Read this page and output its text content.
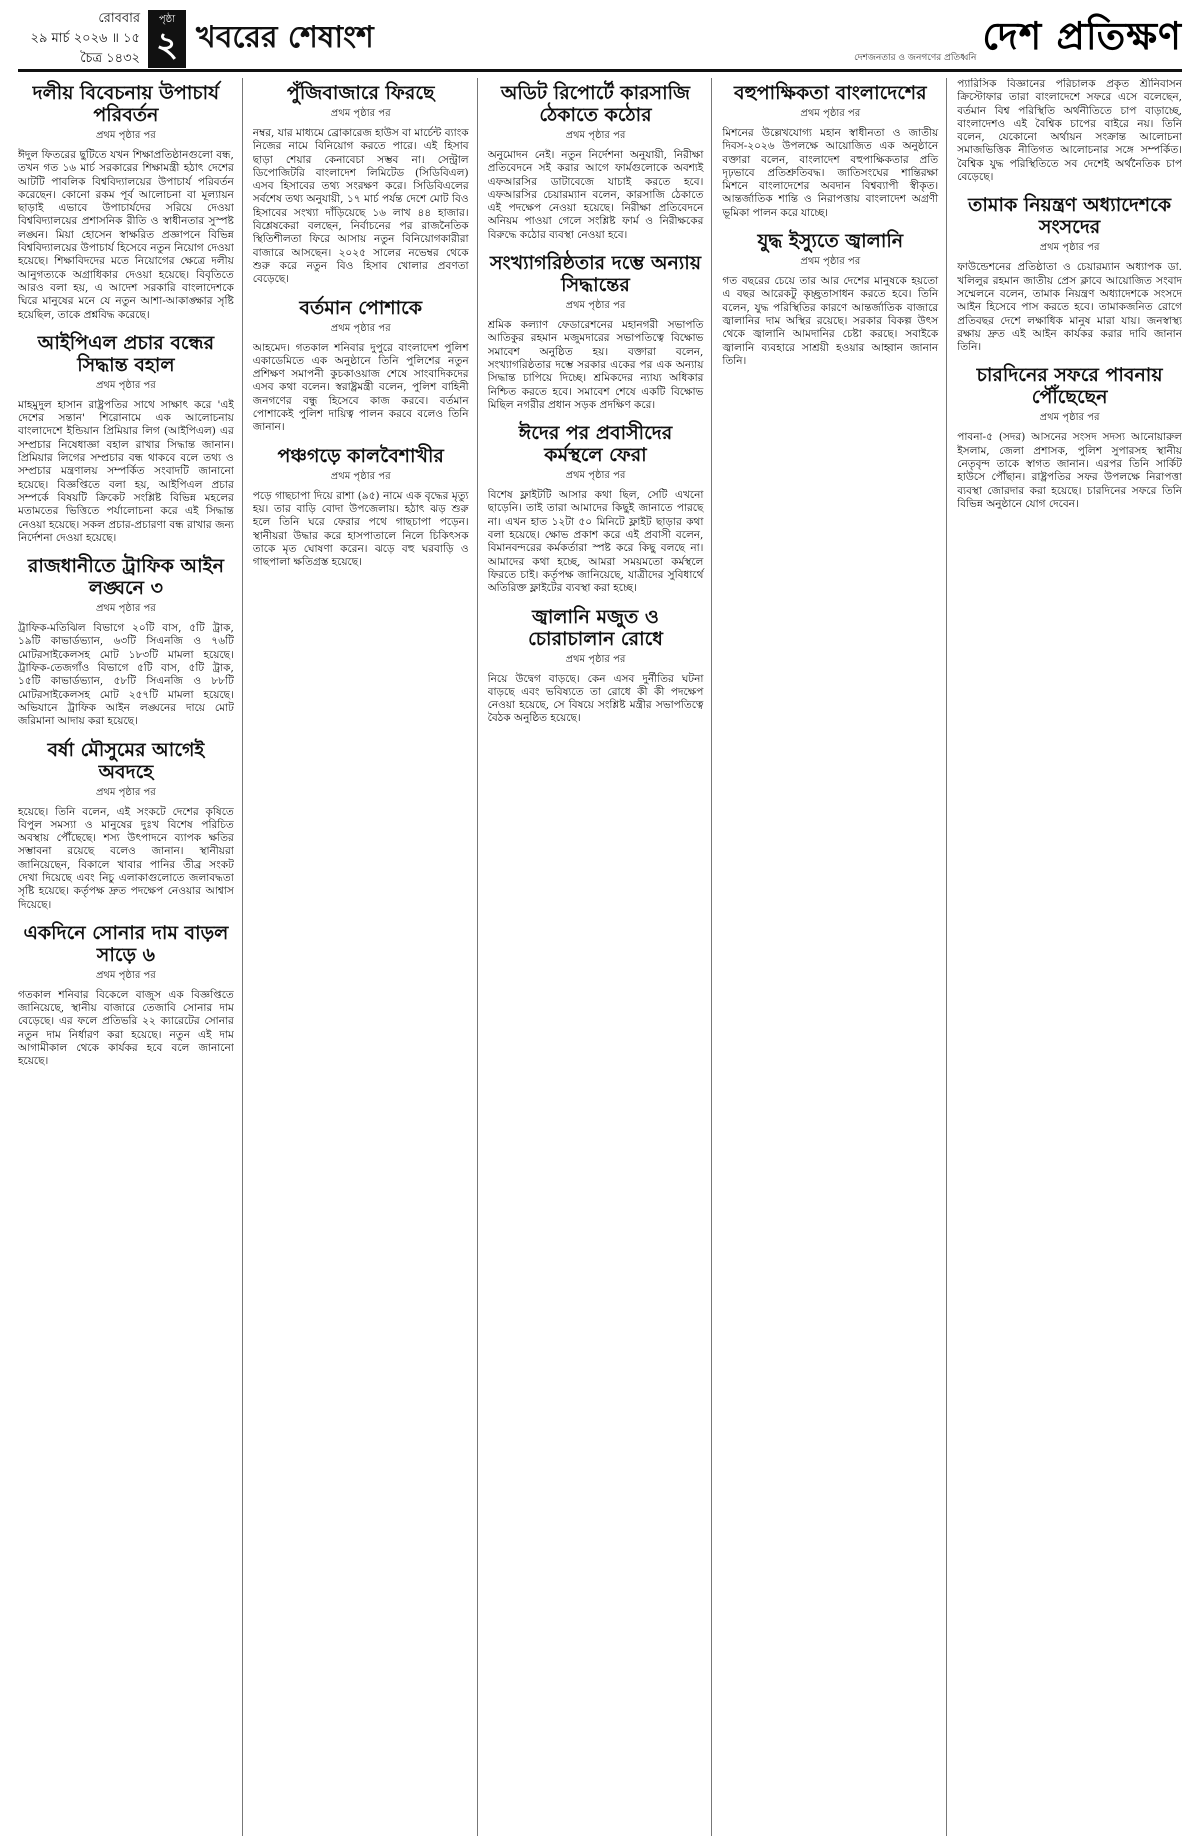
রোববার
২৯ মার্চ ২০২৬ ॥ ১৫ চৈত্র ১৪৩২
পৃষ্ঠা
২ খবরের শেষাংশ
দেশজনতার ও জনগণের প্রতিধ্বনি দেশ প্রতিক্ষণ
দলীয় বিবেচনায় উপাচার্য পরিবর্তন
প্রথম পৃষ্ঠার পর

ঈদুল ফিতরের ছুটিতে যখন শিক্ষাপ্রতিষ্ঠানগুলো বন্ধ, তখন গত ১৬ মার্চ সরকারের শিক্ষামন্ত্রী হঠাৎ দেশের আটটি পাবলিক বিশ্ববিদ্যালয়ের উপাচার্য পরিবর্তন করেছেন। কোনো রকম পূর্ব আলোচনা বা মূল্যায়ন ছাড়াই এভাবে উপাচার্যদের সরিয়ে দেওয়া বিশ্ববিদ্যালয়ের প্রশাসনিক রীতি ও স্বাধীনতার সুস্পষ্ট লঙ্ঘন। মিয়া হোসেন স্বাক্ষরিত প্রজ্ঞাপনে বিভিন্ন বিশ্ববিদ্যালয়ের উপাচার্য হিসেবে নতুন নিয়োগ দেওয়া হয়েছে। শিক্ষাবিদদের মতে নিয়োগের ক্ষেত্রে দলীয় আনুগত্যকে অগ্রাধিকার দেওয়া হয়েছে। বিবৃতিতে আরও বলা হয়, এ আদেশ সরকারি বাংলাদেশকে ঘিরে মানুষের মনে যে নতুন আশা-আকাঙ্ক্ষার সৃষ্টি হয়েছিল, তাকে প্রশ্নবিদ্ধ করেছে।

আইপিএল প্রচার বন্ধের সিদ্ধান্ত বহাল
প্রথম পৃষ্ঠার পর

মাহমুদুল হাসান রাষ্ট্রপতির সাথে সাক্ষাৎ করে 'এই দেশের সন্তান' শিরোনামে এক আলোচনায় বাংলাদেশে ইন্ডিয়ান প্রিমিয়ার লিগ (আইপিএল) এর সম্প্রচার নিষেধাজ্ঞা বহাল রাখার সিদ্ধান্ত জানান। প্রিমিয়ার লিগের সম্প্রচার বন্ধ থাকবে বলে তথ্য ও সম্প্রচার মন্ত্রণালয় সম্পর্কিত সংবাদটি জানানো হয়েছে। বিজ্ঞপ্তিতে বলা হয়, আইপিএল প্রচার সম্পর্কে বিষয়টি ক্রিকেট সংশ্লিষ্ট বিভিন্ন মহলের মতামতের ভিত্তিতে পর্যালোচনা করে এই সিদ্ধান্ত নেওয়া হয়েছে। সকল প্রচার-প্রচারণা বন্ধ রাখার জন্য নির্দেশনা দেওয়া হয়েছে।

রাজধানীতে ট্রাফিক আইন লঙ্ঘনে ৩
প্রথম পৃষ্ঠার পর

ট্রাফিক-মতিঝিল বিভাগে ২০টি বাস, ৫টি ট্রাক, ১৯টি কাভার্ডভ্যান, ৬৩টি সিএনজি ও ৭৬টি মোটরসাইকেলসহ মোট ১৮৩টি মামলা হয়েছে। ট্রাফিক-তেজগাঁও বিভাগে ৫টি বাস, ৫টি ট্রাক, ১৫টি কাভার্ডভ্যান, ৫৮টি সিএনজি ও ৮৮টি মোটরসাইকেলসহ মোট ২৫৭টি মামলা হয়েছে। অভিযানে ট্রাফিক আইন লঙ্ঘনের দায়ে মোট জরিমানা আদায় করা হয়েছে।

বর্ষা মৌসুমের আগেই অবদহে
প্রথম পৃষ্ঠার পর

হয়েছে। তিনি বলেন, এই সংকটে দেশের কৃষিতে বিপুল সমস্যা ও মানুষের দুঃখ বিশেষ পরিচিত অবস্থায় পৌঁছেছে। শস্য উৎপাদনে ব্যাপক ক্ষতির সম্ভাবনা রয়েছে বলেও জানান। স্থানীয়রা জানিয়েছেন, বিকালে খাবার পানির তীব্র সংকট দেখা দিয়েছে এবং নিচু এলাকাগুলোতে জলাবদ্ধতা সৃষ্টি হয়েছে। কর্তৃপক্ষ দ্রুত পদক্ষেপ নেওয়ার আশ্বাস দিয়েছে।

একদিনে সোনার দাম বাড়ল সাড়ে ৬
প্রথম পৃষ্ঠার পর

গতকাল শনিবার বিকেলে বাজুস এক বিজ্ঞপ্তিতে জানিয়েছে, স্থানীয় বাজারে তেজাবি সোনার দাম বেড়েছে। এর ফলে প্রতিভরি ২২ ক্যারেটের সোনার নতুন দাম নির্ধারণ করা হয়েছে। নতুন এই দাম আগামীকাল থেকে কার্যকর হবে বলে জানানো হয়েছে।

পুঁজিবাজারে ফিরছে
প্রথম পৃষ্ঠার পর

নম্বর, যার মাধ্যমে ব্রোকারেজ হাউস বা মার্চেন্ট ব্যাংক নিজের নামে বিনিয়োগ করতে পারে। এই হিসাব ছাড়া শেয়ার কেনাবেচা সম্ভব না। সেন্ট্রাল ডিপোজিটরি বাংলাদেশ লিমিটেড (সিডিবিএল) এসব হিসাবের তথ্য সংরক্ষণ করে। সিডিবিএলের সর্বশেষ তথ্য অনুযায়ী, ১৭ মার্চ পর্যন্ত দেশে মোট বিও হিসাবের সংখ্যা দাঁড়িয়েছে ১৬ লাখ ৪৪ হাজার। বিশ্লেষকেরা বলছেন, নির্বাচনের পর রাজনৈতিক স্থিতিশীলতা ফিরে আসায় নতুন বিনিয়োগকারীরা বাজারে আসছেন। ২০২৫ সালের নভেম্বর থেকে শুরু করে নতুন বিও হিসাব খোলার প্রবণতা বেড়েছে।

বর্তমান পোশাকে
প্রথম পৃষ্ঠার পর

আহমেদ। গতকাল শনিবার দুপুরে বাংলাদেশ পুলিশ একাডেমিতে এক অনুষ্ঠানে তিনি পুলিশের নতুন প্রশিক্ষণ সমাপনী কুচকাওয়াজ শেষে সাংবাদিকদের এসব কথা বলেন। স্বরাষ্ট্রমন্ত্রী বলেন, পুলিশ বাহিনী জনগণের বন্ধু হিসেবে কাজ করবে। বর্তমান পোশাকেই পুলিশ দায়িত্ব পালন করবে বলেও তিনি জানান।

পঞ্চগড়ে কালবৈশাখীর
প্রথম পৃষ্ঠার পর

পড়ে গাছচাপা দিয়ে রাশা (৯৫) নামে এক বৃদ্ধের মৃত্যু হয়। তার বাড়ি বোদা উপজেলায়। হঠাৎ ঝড় শুরু হলে তিনি ঘরে ফেরার পথে গাছচাপা পড়েন। স্থানীয়রা উদ্ধার করে হাসপাতালে নিলে চিকিৎসক তাকে মৃত ঘোষণা করেন। ঝড়ে বহু ঘরবাড়ি ও গাছপালা ক্ষতিগ্রস্ত হয়েছে।

অডিট রিপোর্টে কারসাজি ঠেকাতে কঠোর
প্রথম পৃষ্ঠার পর

অনুমোদন নেই। নতুন নির্দেশনা অনুযায়ী, নিরীক্ষা প্রতিবেদনে সই করার আগে ফার্মগুলোকে অবশ্যই এফআরসির ডাটাবেজে যাচাই করতে হবে। এফআরসির চেয়ারম্যান বলেন, কারসাজি ঠেকাতে এই পদক্ষেপ নেওয়া হয়েছে। নিরীক্ষা প্রতিবেদনে অনিয়ম পাওয়া গেলে সংশ্লিষ্ট ফার্ম ও নিরীক্ষকের বিরুদ্ধে কঠোর ব্যবস্থা নেওয়া হবে।

সংখ্যাগরিষ্ঠতার দম্ভে অন্যায় সিদ্ধান্তের
প্রথম পৃষ্ঠার পর

শ্রমিক কল্যাণ ফেডারেশনের মহানগরী সভাপতি আতিকুর রহমান মজুমদারের সভাপতিত্বে বিক্ষোভ সমাবেশ অনুষ্ঠিত হয়। বক্তারা বলেন, সংখ্যাগরিষ্ঠতার দম্ভে সরকার একের পর এক অন্যায় সিদ্ধান্ত চাপিয়ে দিচ্ছে। শ্রমিকদের ন্যায্য অধিকার নিশ্চিত করতে হবে। সমাবেশ শেষে একটি বিক্ষোভ মিছিল নগরীর প্রধান সড়ক প্রদক্ষিণ করে।

ঈদের পর প্রবাসীদের কর্মস্থলে ফেরা
প্রথম পৃষ্ঠার পর

বিশেষ ফ্লাইটটি আসার কথা ছিল, সেটি এখনো ছাড়েনি। তাই তারা আমাদের কিছুই জানাতে পারছে না। এখন হাত ১২টা ৫০ মিনিটে ফ্লাইট ছাড়ার কথা বলা হয়েছে। ক্ষোভ প্রকাশ করে এই প্রবাসী বলেন, বিমানবন্দরের কর্মকর্তারা স্পষ্ট করে কিছু বলছে না। আমাদের কথা হচ্ছে, আমরা সময়মতো কর্মস্থলে ফিরতে চাই। কর্তৃপক্ষ জানিয়েছে, যাত্রীদের সুবিধার্থে অতিরিক্ত ফ্লাইটের ব্যবস্থা করা হচ্ছে।

জ্বালানি মজুত ও চোরাচালান রোধে
প্রথম পৃষ্ঠার পর

নিয়ে উদ্বেগ বাড়ছে। কেন এসব দুর্নীতির ঘটনা বাড়ছে এবং ভবিষ্যতে তা রোধে কী কী পদক্ষেপ নেওয়া হয়েছে, সে বিষয়ে সংশ্লিষ্ট মন্ত্রীর সভাপতিত্বে বৈঠক অনুষ্ঠিত হয়েছে।

বহুপাক্ষিকতা বাংলাদেশের
প্রথম পৃষ্ঠার পর

মিশনের উল্লেখযোগ্য মহান স্বাধীনতা ও জাতীয় দিবস-২০২৬ উপলক্ষে আয়োজিত এক অনুষ্ঠানে বক্তারা বলেন, বাংলাদেশ বহুপাক্ষিকতার প্রতি দৃঢ়ভাবে প্রতিশ্রুতিবদ্ধ। জাতিসংঘের শান্তিরক্ষা মিশনে বাংলাদেশের অবদান বিশ্বব্যাপী স্বীকৃত। আন্তর্জাতিক শান্তি ও নিরাপত্তায় বাংলাদেশ অগ্রণী ভূমিকা পালন করে যাচ্ছে।

যুদ্ধ ইস্যুতে জ্বালানি
প্রথম পৃষ্ঠার পর

গত বছরের চেয়ে তার আর দেশের মানুষকে হয়তো এ বছর আরেকটু কৃচ্ছ্রতাসাধন করতে হবে। তিনি বলেন, যুদ্ধ পরিস্থিতির কারণে আন্তর্জাতিক বাজারে জ্বালানির দাম অস্থির রয়েছে। সরকার বিকল্প উৎস থেকে জ্বালানি আমদানির চেষ্টা করছে। সবাইকে জ্বালানি ব্যবহারে সাশ্রয়ী হওয়ার আহ্বান জানান তিনি।

প্যারিসিক বিজ্ঞানের পরিচালক প্রকৃত শ্রীনিবাসন ক্রিস্টোফার তারা বাংলাদেশে সফরে এসে বলেছেন, বর্তমান বিশ্ব পরিস্থিতি অর্থনীতিতে চাপ বাড়াচ্ছে, বাংলাদেশও এই বৈশ্বিক চাপের বাইরে নয়। তিনি বলেন, যেকোনো অর্থায়ন সংক্রান্ত আলোচনা সমাজভিত্তিক নীতিগত আলোচনার সঙ্গে সম্পর্কিত। বৈশ্বিক যুদ্ধ পরিস্থিতিতে সব দেশেই অর্থনৈতিক চাপ বেড়েছে।

তামাক নিয়ন্ত্রণ অধ্যাদেশকে সংসদের
প্রথম পৃষ্ঠার পর

ফাউন্ডেশনের প্রতিষ্ঠাতা ও চেয়ারম্যান অধ্যাপক ডা. খলিলুর রহমান জাতীয় প্রেস ক্লাবে আয়োজিত সংবাদ সম্মেলনে বলেন, তামাক নিয়ন্ত্রণ অধ্যাদেশকে সংসদে আইন হিসেবে পাস করতে হবে। তামাকজনিত রোগে প্রতিবছর দেশে লক্ষাধিক মানুষ মারা যায়। জনস্বাস্থ্য রক্ষায় দ্রুত এই আইন কার্যকর করার দাবি জানান তিনি।

চারদিনের সফরে পাবনায় পৌঁছেছেন
প্রথম পৃষ্ঠার পর

পাবনা-৫ (সদর) আসনের সংসদ সদস্য আনোয়ারুল ইসলাম, জেলা প্রশাসক, পুলিশ সুপারসহ স্থানীয় নেতৃবৃন্দ তাকে স্বাগত জানান। এরপর তিনি সার্কিট হাউসে পৌঁছান। রাষ্ট্রপতির সফর উপলক্ষে নিরাপত্তা ব্যবস্থা জোরদার করা হয়েছে। চারদিনের সফরে তিনি বিভিন্ন অনুষ্ঠানে যোগ দেবেন।
